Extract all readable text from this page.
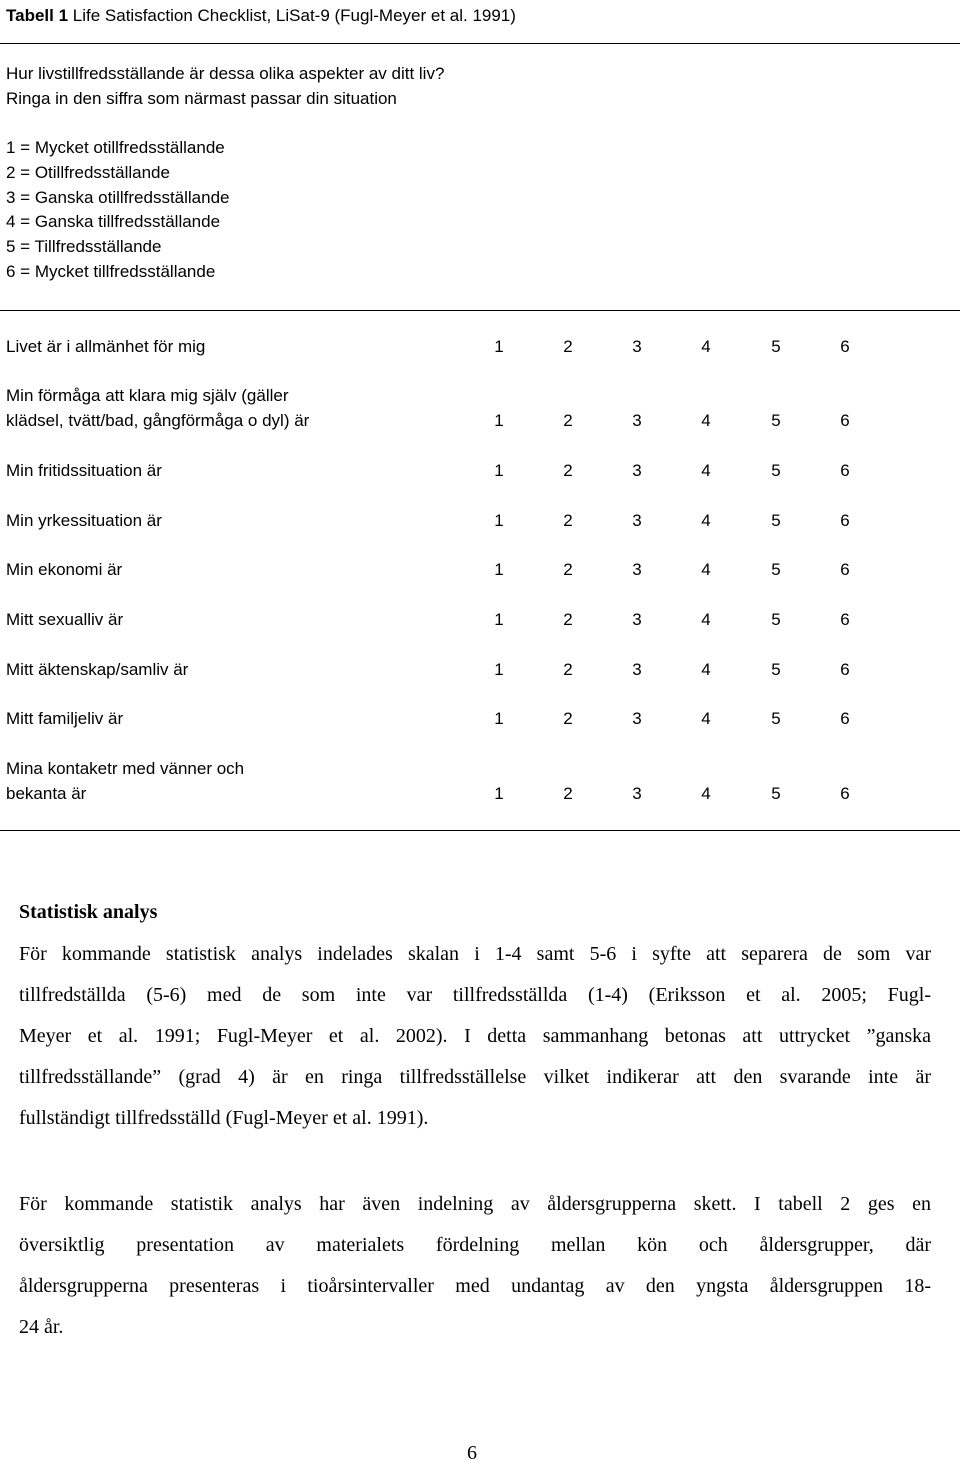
Tabell 1 Life Satisfaction Checklist, LiSat-9 (Fugl-Meyer et al. 1991)
Hur livstillfredsställande är dessa olika aspekter av ditt liv?
Ringa in den siffra som närmast passar din situation
1 = Mycket otillfredsställande
2 = Otillfredsställande
3 = Ganska otillfredsställande
4 = Ganska tillfredsställande
5 = Tillfredsställande
6 = Mycket tillfredsställande
Livet är i allmänhet för mig	1	2	3	4	5	6
Min förmåga att klara mig själv (gäller
klädsel, tvätt/bad, gångförmåga o dyl) är	1	2	3	4	5	6
Min fritidssituation är	1	2	3	4	5	6
Min yrkessituation är	1	2	3	4	5	6
Min ekonomi är	1	2	3	4	5	6
Mitt sexualliv är	1	2	3	4	5	6
Mitt äktenskap/samliv är	1	2	3	4	5	6
Mitt familjeliv är	1	2	3	4	5	6
Mina kontaketr med vänner och
bekanta är	1	2	3	4	5	6
Statistisk analys
För kommande statistisk analys indelades skalan i 1-4 samt 5-6 i syfte att separera de som var
tillfredställda (5-6) med de som inte var tillfredsställda (1-4) (Eriksson et al. 2005; Fugl-
Meyer et al. 1991; Fugl-Meyer et al. 2002). I detta sammanhang betonas att uttrycket ”ganska
tillfredsställande” (grad 4) är en ringa tillfredsställelse vilket indikerar att den svarande inte är
fullständigt tillfredsställd (Fugl-Meyer et al. 1991).
För kommande statistik analys har även indelning av åldersgrupperna skett. I tabell 2 ges en
översiktlig presentation av materialets fördelning mellan kön och åldersgrupper, där
åldersgrupperna presenteras i tioårsintervaller med undantag av den yngsta åldersgruppen 18-
24 år.
6
